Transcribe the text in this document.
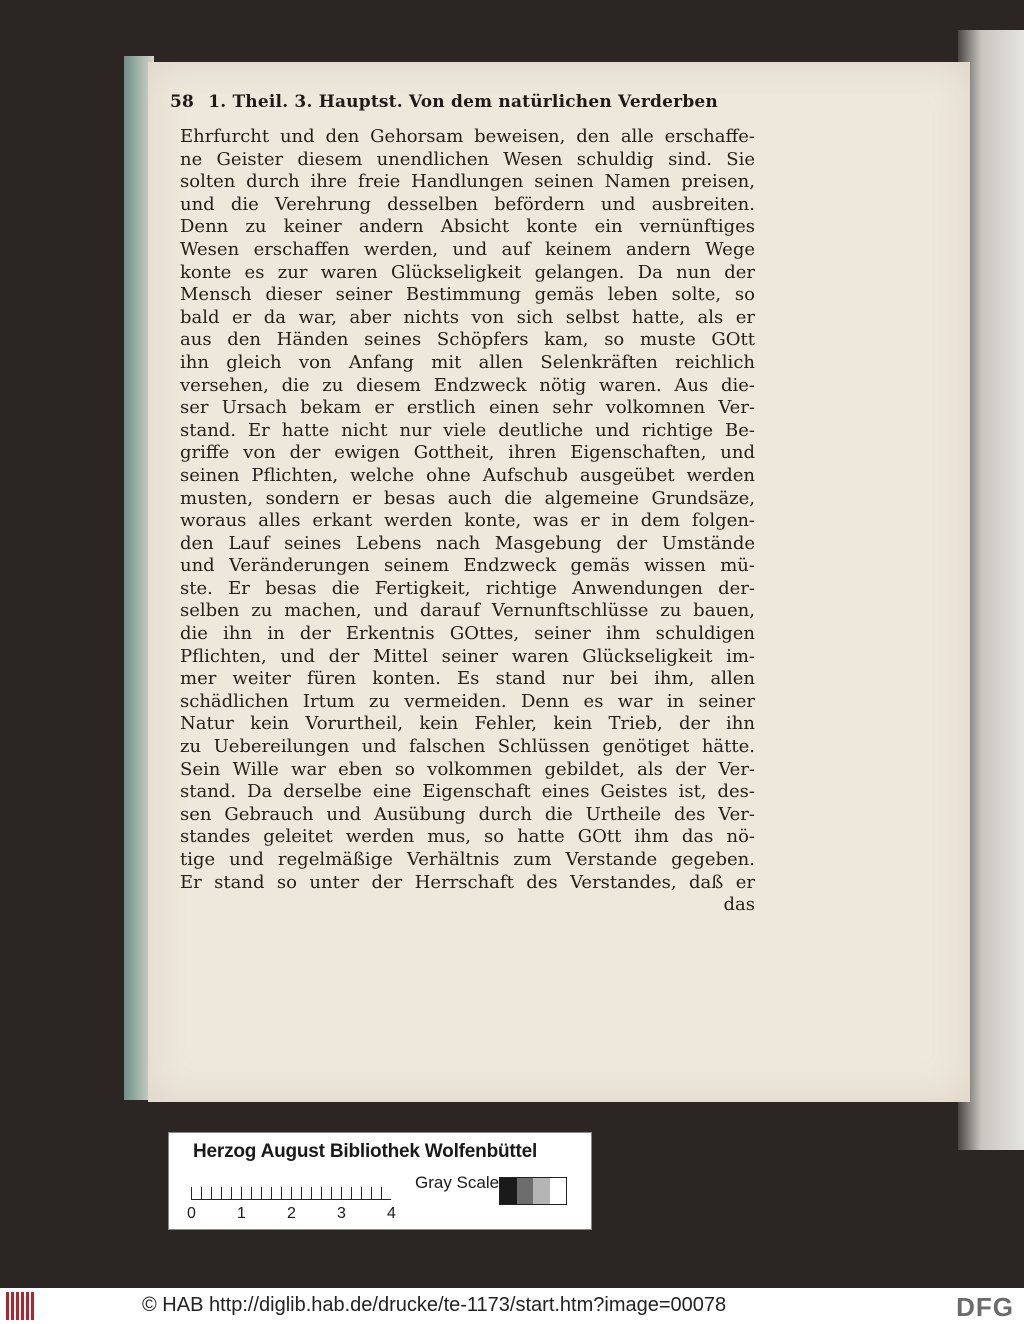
58 1. Theil. 3. Hauptst. Von dem natürlichen Verderben
Ehrfurcht und den Gehorsam beweisen, den alle erschaffe-
ne Geister diesem unendlichen Wesen schuldig sind. Sie
solten durch ihre freie Handlungen seinen Namen preisen,
und die Verehrung desselben befördern und ausbreiten.
Denn zu keiner andern Absicht konte ein vernünftiges
Wesen erschaffen werden, und auf keinem andern Wege
konte es zur waren Glückseligkeit gelangen. Da nun der
Mensch dieser seiner Bestimmung gemäs leben solte, so
bald er da war, aber nichts von sich selbst hatte, als er
aus den Händen seines Schöpfers kam, so muste GOtt
ihn gleich von Anfang mit allen Selenkräften reichlich
versehen, die zu diesem Endzweck nötig waren. Aus die-
ser Ursach bekam er erstlich einen sehr volkomnen Ver-
stand. Er hatte nicht nur viele deutliche und richtige Be-
griffe von der ewigen Gottheit, ihren Eigenschaften, und
seinen Pflichten, welche ohne Aufschub ausgeübet werden
musten, sondern er besas auch die algemeine Grundsäze,
woraus alles erkant werden konte, was er in dem folgen-
den Lauf seines Lebens nach Masgebung der Umstände
und Veränderungen seinem Endzweck gemäs wissen mü-
ste. Er besas die Fertigkeit, richtige Anwendungen der-
selben zu machen, und darauf Vernunftschlüsse zu bauen,
die ihn in der Erkentnis GOttes, seiner ihm schuldigen
Pflichten, und der Mittel seiner waren Glückseligkeit im-
mer weiter füren konten. Es stand nur bei ihm, allen
schädlichen Irtum zu vermeiden. Denn es war in seiner
Natur kein Vorurtheil, kein Fehler, kein Trieb, der ihn
zu Uebereilungen und falschen Schlüssen genötiget hätte.
Sein Wille war eben so volkommen gebildet, als der Ver-
stand. Da derselbe eine Eigenschaft eines Geistes ist, des-
sen Gebrauch und Ausübung durch die Urtheile des Ver-
standes geleitet werden mus, so hatte GOtt ihm das nö-
tige und regelmäßige Verhältnis zum Verstande gegeben.
Er stand so unter der Herrschaft des Verstandes, daß er
das
Herzog August Bibliothek Wolfenbüttel
0	1	2	3	4
Gray Scale
© HAB http://diglib.hab.de/drucke/te-1173/start.htm?image=00078	DFG
